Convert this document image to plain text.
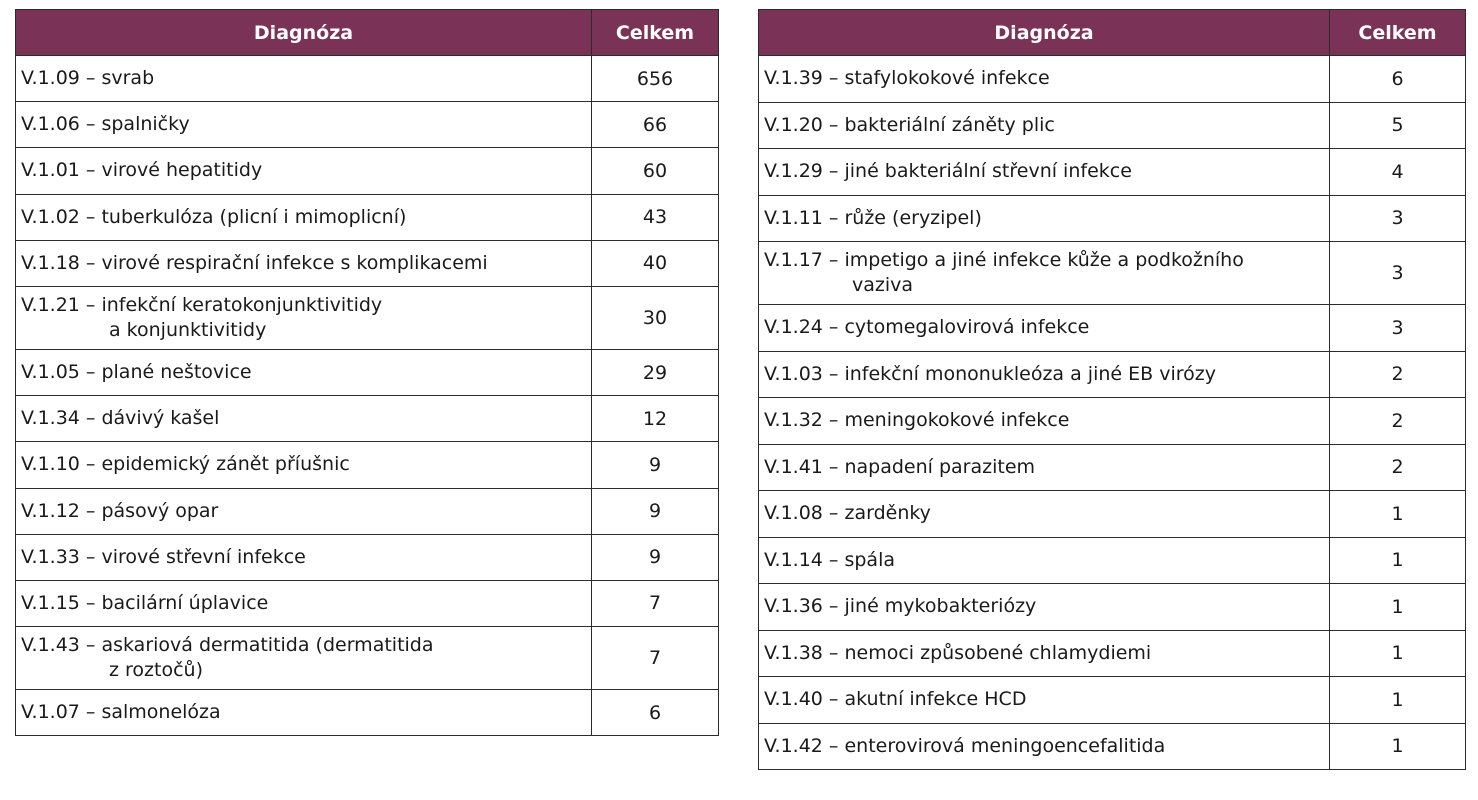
Diagnóza	Celkem

V.1.09 – svrab	656

V.1.06 – spalničky	66

V.1.01 – virové hepatitidy	60

V.1.02 – tuberkulóza (plicní i mimoplicní)	43

V.1.18 – virové respirační infekce s komplikacemi	40

V.1.21 – infekční keratokonjunktivitidy
a konjunktivitidy	30

V.1.05 – plané neštovice	29

V.1.34 – dávivý kašel	12

V.1.10 – epidemický zánět příušnic	9

V.1.12 – pásový opar	9

V.1.33 – virové střevní infekce	9

V.1.15 – bacilární úplavice	7

V.1.43 – askariová dermatitida (dermatitida
z roztočů)	7

V.1.07 – salmonelóza	6
Diagnóza	Celkem

V.1.39 – stafylokokové infekce	6

V.1.20 – bakteriální záněty plic	5

V.1.29 – jiné bakteriální střevní infekce	4

V.1.11 – růže (eryzipel)	3

V.1.17 – impetigo a jiné infekce kůže a podkožního
vaziva	3

V.1.24 – cytomegalovirová infekce	3

V.1.03 – infekční mononukleóza a jiné EB virózy	2

V.1.32 – meningokokové infekce	2

V.1.41 – napadení parazitem	2

V.1.08 – zarděnky	1

V.1.14 – spála	1

V.1.36 – jiné mykobakteriózy	1

V.1.38 – nemoci způsobené chlamydiemi	1

V.1.40 – akutní infekce HCD	1

V.1.42 – enterovirová meningoencefalitida	1
